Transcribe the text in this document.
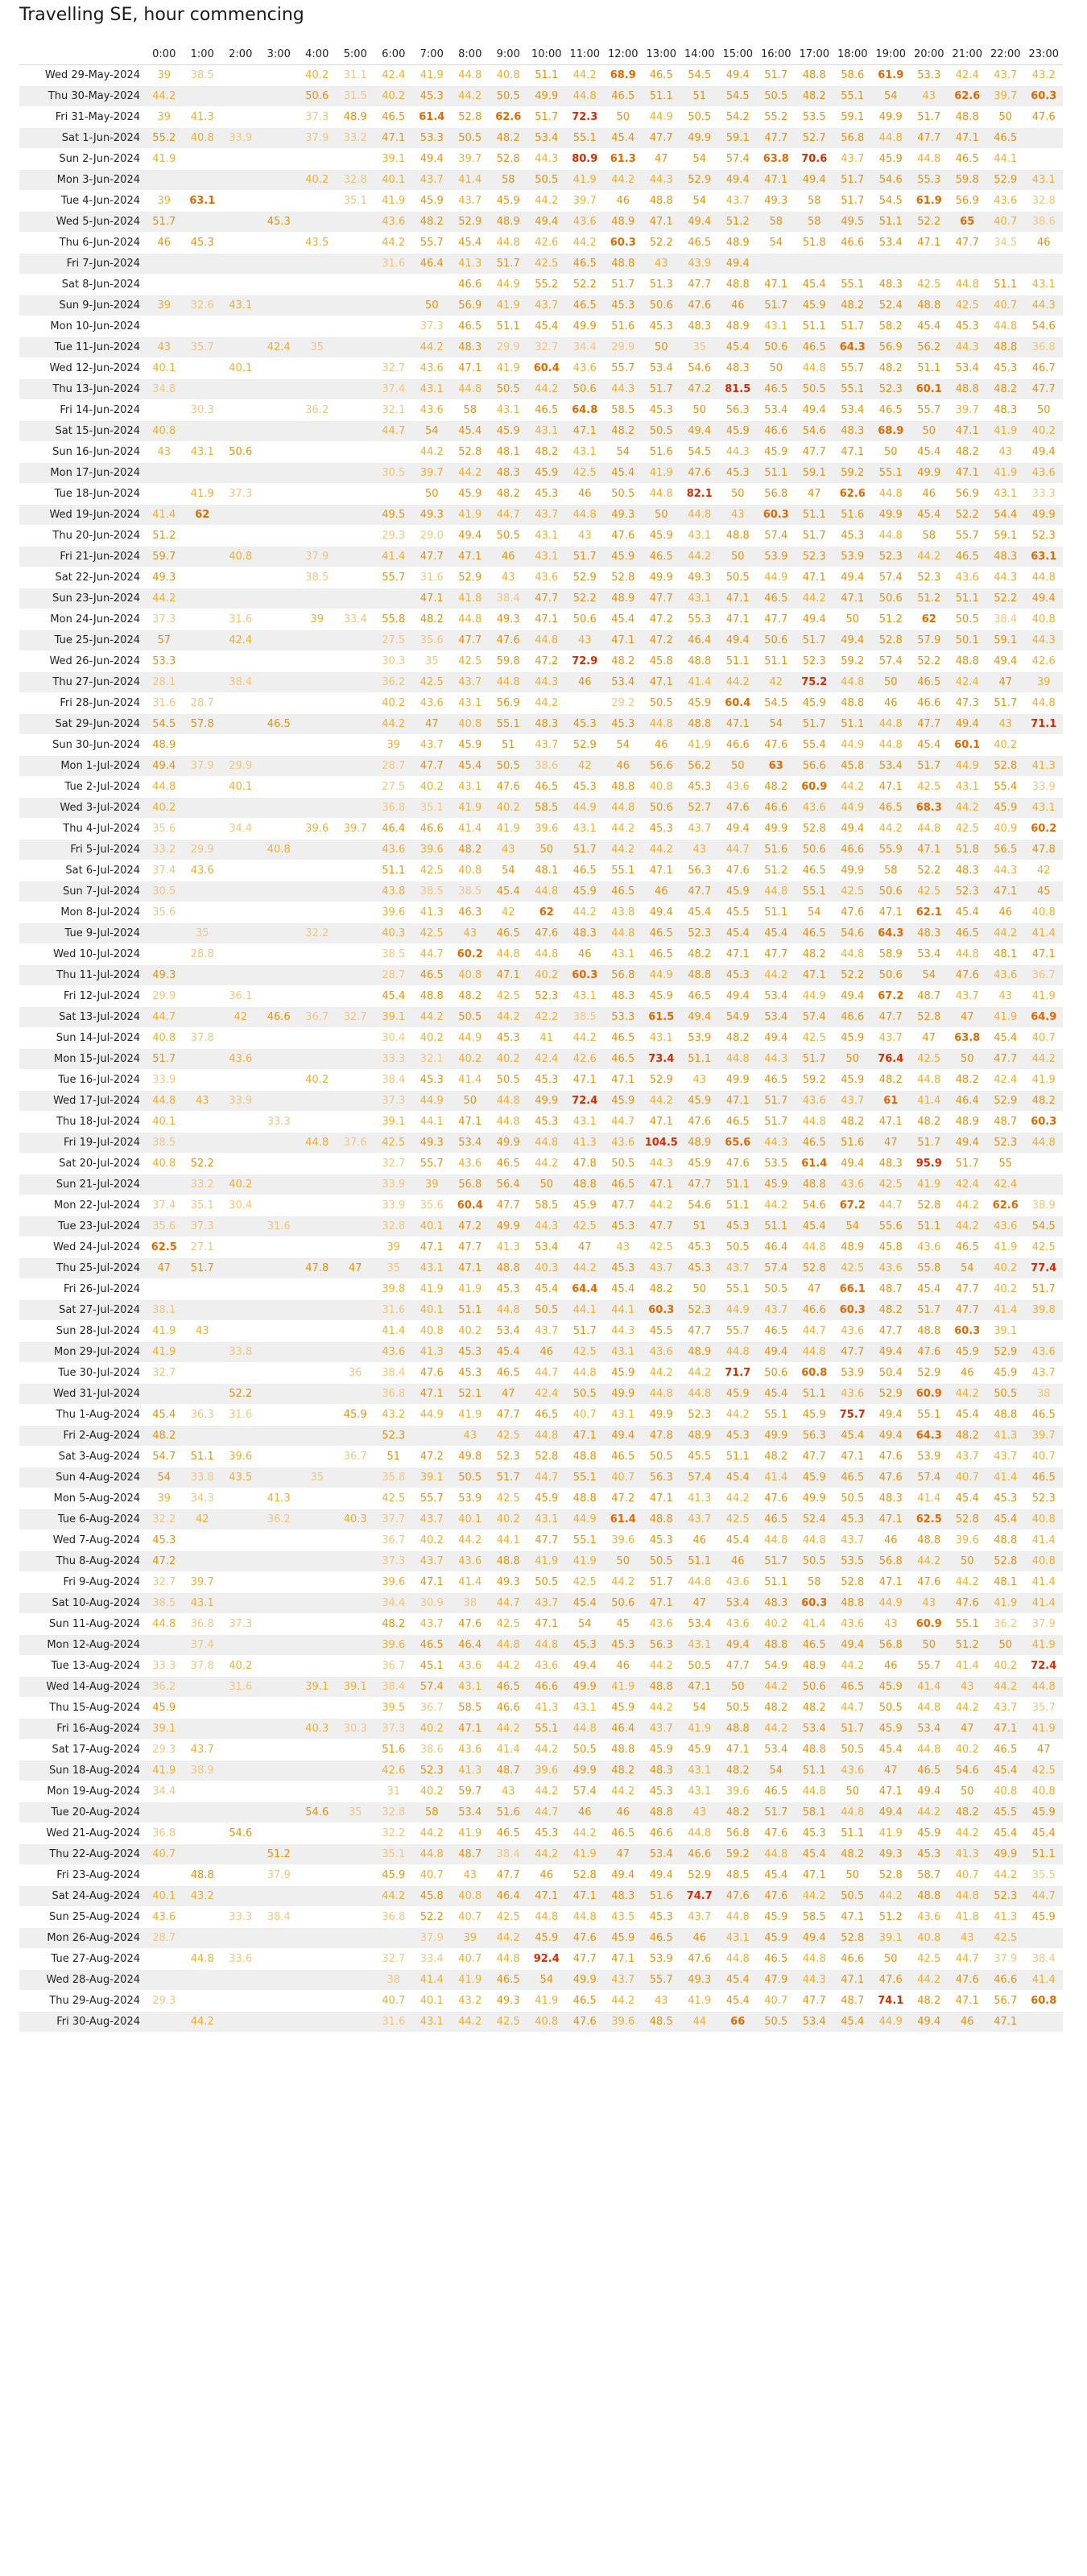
Travelling SE, hour commencing
	0:00	1:00	2:00	3:00	4:00	5:00	6:00	7:00	8:00	9:00	10:00	11:00	12:00	13:00	14:00	15:00	16:00	17:00	18:00	19:00	20:00	21:00	22:00	23:00
Wed 29-May-2024	39	38.5			40.2	31.1	42.4	41.9	44.8	40.8	51.1	44.2	68.9	46.5	54.5	49.4	51.7	48.8	58.6	61.9	53.3	42.4	43.7	43.2
Thu 30-May-2024	44.2				50.6	31.5	40.2	45.3	44.2	50.5	49.9	44.8	46.5	51.1	51	54.5	50.5	48.2	55.1	54	43	62.6	39.7	60.3
Fri 31-May-2024	39	41.3			37.3	48.9	46.5	61.4	52.8	62.6	51.7	72.3	50	44.9	50.5	54.2	55.2	53.5	59.1	49.9	51.7	48.8	50	47.6
Sat 1-Jun-2024	55.2	40.8	33.9		37.9	33.2	47.1	53.3	50.5	48.2	53.4	55.1	45.4	47.7	49.9	59.1	47.7	52.7	56.8	44.8	47.7	47.1	46.5	
Sun 2-Jun-2024	41.9						39.1	49.4	39.7	52.8	44.3	80.9	61.3	47	54	57.4	63.8	70.6	43.7	45.9	44.8	46.5	44.1	
Mon 3-Jun-2024					40.2	32.8	40.1	43.7	41.4	58	50.5	41.9	44.2	44.3	52.9	49.4	47.1	49.4	51.7	54.6	55.3	59.8	52.9	43.1
Tue 4-Jun-2024	39	63.1				35.1	41.9	45.9	43.7	45.9	44.2	39.7	46	48.8	54	43.7	49.3	58	51.7	54.5	61.9	56.9	43.6	32.8
Wed 5-Jun-2024	51.7			45.3			43.6	48.2	52.9	48.9	49.4	43.6	48.9	47.1	49.4	51.2	58	58	49.5	51.1	52.2	65	40.7	38.6
Thu 6-Jun-2024	46	45.3			43.5		44.2	55.7	45.4	44.8	42.6	44.2	60.3	52.2	46.5	48.9	54	51.8	46.6	53.4	47.1	47.7	34.5	46
Fri 7-Jun-2024							31.6	46.4	41.3	51.7	42.5	46.5	48.8	43	43.9	49.4								
Sat 8-Jun-2024									46.6	44.9	55.2	52.2	51.7	51.3	47.7	48.8	47.1	45.4	55.1	48.3	42.5	44.8	51.1	43.1
Sun 9-Jun-2024	39	32.6	43.1					50	56.9	41.9	43.7	46.5	45.3	50.6	47.6	46	51.7	45.9	48.2	52.4	48.8	42.5	40.7	44.3
Mon 10-Jun-2024								37.3	46.5	51.1	45.4	49.9	51.6	45.3	48.3	48.9	43.1	51.1	51.7	58.2	45.4	45.3	44.8	54.6
Tue 11-Jun-2024	43	35.7		42.4	35			44.2	48.3	29.9	32.7	34.4	29.9	50	35	45.4	50.6	46.5	64.3	56.9	56.2	44.3	48.8	36.8
Wed 12-Jun-2024	40.1		40.1				32.7	43.6	47.1	41.9	60.4	43.6	55.7	53.4	54.6	48.3	50	44.8	55.7	48.2	51.1	53.4	45.3	46.7
Thu 13-Jun-2024	34.8						37.4	43.1	44.8	50.5	44.2	50.6	44.3	51.7	47.2	81.5	46.5	50.5	55.1	52.3	60.1	48.8	48.2	47.7
Fri 14-Jun-2024		30.3			36.2		32.1	43.6	58	43.1	46.5	64.8	58.5	45.3	50	56.3	53.4	49.4	53.4	46.5	55.7	39.7	48.3	50
Sat 15-Jun-2024	40.8						44.7	54	45.4	45.9	43.1	47.1	48.2	50.5	49.4	45.9	46.6	54.6	48.3	68.9	50	47.1	41.9	40.2
Sun 16-Jun-2024	43	43.1	50.6					44.2	52.8	48.1	48.2	43.1	54	51.6	54.5	44.3	45.9	47.7	47.1	50	45.4	48.2	43	49.4
Mon 17-Jun-2024							30.5	39.7	44.2	48.3	45.9	42.5	45.4	41.9	47.6	45.3	51.1	59.1	59.2	55.1	49.9	47.1	41.9	43.6
Tue 18-Jun-2024		41.9	37.3					50	45.9	48.2	45.3	46	50.5	44.8	82.1	50	56.8	47	62.6	44.8	46	56.9	43.1	33.3
Wed 19-Jun-2024	41.4	62					49.5	49.3	41.9	44.7	43.7	44.8	49.3	50	44.8	43	60.3	51.1	51.6	49.9	45.4	52.2	54.4	49.9
Thu 20-Jun-2024	51.2						29.3	29.0	49.4	50.5	43.1	43	47.6	45.9	43.1	48.8	57.4	51.7	45.3	44.8	58	55.7	59.1	52.3
Fri 21-Jun-2024	59.7		40.8		37.9		41.4	47.7	47.1	46	43.1	51.7	45.9	46.5	44.2	50	53.9	52.3	53.9	52.3	44.2	46.5	48.3	63.1
Sat 22-Jun-2024	49.3				38.5		55.7	31.6	52.9	43	43.6	52.9	52.8	49.9	49.3	50.5	44.9	47.1	49.4	57.4	52.3	43.6	44.3	44.8
Sun 23-Jun-2024	44.2							47.1	41.8	38.4	47.7	52.2	48.9	47.7	43.1	47.1	46.5	44.2	47.1	50.6	51.2	51.1	52.2	49.4
Mon 24-Jun-2024	37.3		31.6		39	33.4	55.8	48.2	44.8	49.3	47.1	50.6	45.4	47.2	55.3	47.1	47.7	49.4	50	51.2	62	50.5	38.4	40.8
Tue 25-Jun-2024	57		42.4				27.5	35.6	47.7	47.6	44.8	43	47.1	47.2	46.4	49.4	50.6	51.7	49.4	52.8	57.9	50.1	59.1	44.3
Wed 26-Jun-2024	53.3						30.3	35	42.5	59.8	47.2	72.9	48.2	45.8	48.8	51.1	51.1	52.3	59.2	57.4	52.2	48.8	49.4	42.6
Thu 27-Jun-2024	28.1		38.4				36.2	42.5	43.7	44.8	44.3	46	53.4	47.1	41.4	44.2	42	75.2	44.8	50	46.5	42.4	47	39
Fri 28-Jun-2024	31.6	28.7					40.2	43.6	43.1	56.9	44.2		29.2	50.5	45.9	60.4	54.5	45.9	48.8	46	46.6	47.3	51.7	44.8
Sat 29-Jun-2024	54.5	57.8		46.5			44.2	47	40.8	55.1	48.3	45.3	45.3	44.8	48.8	47.1	54	51.7	51.1	44.8	47.7	49.4	43	71.1
Sun 30-Jun-2024	48.9						39	43.7	45.9	51	43.7	52.9	54	46	41.9	46.6	47.6	55.4	44.9	44.8	45.4	60.1	40.2	
Mon 1-Jul-2024	49.4	37.9	29.9				28.7	47.7	45.4	50.5	38.6	42	46	56.6	56.2	50	63	56.6	45.8	53.4	51.7	44.9	52.8	41.3
Tue 2-Jul-2024	44.8		40.1				27.5	40.2	43.1	47.6	46.5	45.3	48.8	40.8	45.3	43.6	48.2	60.9	44.2	47.1	42.5	43.1	55.4	33.9
Wed 3-Jul-2024	40.2						36.8	35.1	41.9	40.2	58.5	44.9	44.8	50.6	52.7	47.6	46.6	43.6	44.9	46.5	68.3	44.2	45.9	43.1
Thu 4-Jul-2024	35.6		34.4		39.6	39.7	46.4	46.6	41.4	41.9	39.6	43.1	44.2	45.3	43.7	49.4	49.9	52.8	49.4	44.2	44.8	42.5	40.9	60.2
Fri 5-Jul-2024	33.2	29.9		40.8			43.6	39.6	48.2	43	50	51.7	44.2	44.2	43	44.7	51.6	50.6	46.6	55.9	47.1	51.8	56.5	47.8
Sat 6-Jul-2024	37.4	43.6					51.1	42.5	40.8	54	48.1	46.5	55.1	47.1	56.3	47.6	51.2	46.5	49.9	58	52.2	48.3	44.3	42
Sun 7-Jul-2024	30.5						43.8	38.5	38.5	45.4	44.8	45.9	46.5	46	47.7	45.9	44.8	55.1	42.5	50.6	42.5	52.3	47.1	45
Mon 8-Jul-2024	35.6						39.6	41.3	46.3	42	62	44.2	43.8	49.4	45.4	45.5	51.1	54	47.6	47.1	62.1	45.4	46	40.8
Tue 9-Jul-2024		35			32.2		40.3	42.5	43	46.5	47.6	48.3	44.8	46.5	52.3	45.4	45.4	46.5	54.6	64.3	48.3	46.5	44.2	41.4
Wed 10-Jul-2024		28.8					38.5	44.7	60.2	44.8	44.8	46	43.1	46.5	48.2	47.1	47.7	48.2	44.8	58.9	53.4	44.8	48.1	47.1
Thu 11-Jul-2024	49.3						28.7	46.5	40.8	47.1	40.2	60.3	56.8	44.9	48.8	45.3	44.2	47.1	52.2	50.6	54	47.6	43.6	36.7
Fri 12-Jul-2024	29.9		36.1				45.4	48.8	48.2	42.5	52.3	43.1	48.3	45.9	46.5	49.4	53.4	44.9	49.4	67.2	48.7	43.7	43	41.9
Sat 13-Jul-2024	44.7		42	46.6	36.7	32.7	39.1	44.2	50.5	44.2	42.2	38.5	53.3	61.5	49.4	54.9	53.4	57.4	46.6	47.7	52.8	47	41.9	64.9
Sun 14-Jul-2024	40.8	37.8					30.4	40.2	44.9	45.3	41	44.2	46.5	43.1	53.9	48.2	49.4	42.5	45.9	43.7	47	63.8	45.4	40.7
Mon 15-Jul-2024	51.7		43.6				33.3	32.1	40.2	40.2	42.4	42.6	46.5	73.4	51.1	44.8	44.3	51.7	50	76.4	42.5	50	47.7	44.2
Tue 16-Jul-2024	33.9				40.2		38.4	45.3	41.4	50.5	45.3	47.1	47.1	52.9	43	49.9	46.5	59.2	45.9	48.2	44.8	48.2	42.4	41.9
Wed 17-Jul-2024	44.8	43	33.9				37.3	44.9	50	44.8	49.9	72.4	45.9	44.2	45.9	47.1	51.7	43.6	43.7	61	41.4	46.4	52.9	48.2
Thu 18-Jul-2024	40.1			33.3			39.1	44.1	47.1	44.8	45.3	43.1	44.7	47.1	47.6	46.5	51.7	44.8	48.2	47.1	48.2	48.9	48.7	60.3
Fri 19-Jul-2024	38.5				44.8	37.6	42.5	49.3	53.4	49.9	44.8	41.3	43.6	104.5	48.9	65.6	44.3	46.5	51.6	47	51.7	49.4	52.3	44.8
Sat 20-Jul-2024	40.8	52.2					32.7	55.7	43.6	46.5	44.2	47.8	50.5	44.3	45.9	47.6	53.5	61.4	49.4	48.3	95.9	51.7	55	
Sun 21-Jul-2024		33.2	40.2				33.9	39	56.8	56.4	50	48.8	46.5	47.1	47.7	51.1	45.9	48.8	43.6	42.5	41.9	42.4	42.4	
Mon 22-Jul-2024	37.4	35.1	30.4				33.9	35.6	60.4	47.7	58.5	45.9	47.7	44.2	54.6	51.1	44.2	54.6	67.2	44.7	52.8	44.2	62.6	38.9
Tue 23-Jul-2024	35.6	37.3		31.6			32.8	40.1	47.2	49.9	44.3	42.5	45.3	47.7	51	45.3	51.1	45.4	54	55.6	51.1	44.2	43.6	54.5
Wed 24-Jul-2024	62.5	27.1					39	47.1	47.7	41.3	53.4	47	43	42.5	45.3	50.5	46.4	44.8	48.9	45.8	43.6	46.5	41.9	42.5
Thu 25-Jul-2024	47	51.7			47.8	47	35	43.1	47.1	48.8	40.3	44.2	45.3	43.7	45.3	43.7	57.4	52.8	42.5	43.6	55.8	54	40.2	77.4
Fri 26-Jul-2024							39.8	41.9	41.9	45.3	45.4	64.4	45.4	48.2	50	55.1	50.5	47	66.1	48.7	45.4	47.7	40.2	51.7
Sat 27-Jul-2024	38.1						31.6	40.1	51.1	44.8	50.5	44.1	44.1	60.3	52.3	44.9	43.7	46.6	60.3	48.2	51.7	47.7	41.4	39.8
Sun 28-Jul-2024	41.9	43					41.4	40.8	40.2	53.4	43.7	51.7	44.3	45.5	47.7	55.7	46.5	44.7	43.6	47.7	48.8	60.3	39.1	
Mon 29-Jul-2024	41.9		33.8				43.6	41.3	45.3	45.4	46	42.5	43.1	43.6	48.9	44.8	49.4	44.8	47.7	49.4	47.6	45.9	52.9	43.6
Tue 30-Jul-2024	32.7					36	38.4	47.6	45.3	46.5	44.7	44.8	45.9	44.2	44.2	71.7	50.6	60.8	53.9	50.4	52.9	46	45.9	43.7
Wed 31-Jul-2024			52.2				36.8	47.1	52.1	47	42.4	50.5	49.9	44.8	44.8	45.9	45.4	51.1	43.6	52.9	60.9	44.2	50.5	38
Thu 1-Aug-2024	45.4	36.3	31.6			45.9	43.2	44.9	41.9	47.7	46.5	40.7	43.1	49.9	52.3	44.2	55.1	45.9	75.7	49.4	55.1	45.4	48.8	46.5
Fri 2-Aug-2024	48.2						52.3		43	42.5	44.8	47.1	49.4	47.8	48.9	45.3	49.9	56.3	45.4	49.4	64.3	48.2	41.3	39.7
Sat 3-Aug-2024	54.7	51.1	39.6			36.7	51	47.2	49.8	52.3	52.8	48.8	46.5	50.5	45.5	51.1	48.2	47.7	47.1	47.6	53.9	43.7	43.7	40.7
Sun 4-Aug-2024	54	33.8	43.5		35		35.8	39.1	50.5	51.7	44.7	55.1	40.7	56.3	57.4	45.4	41.4	45.9	46.5	47.6	57.4	40.7	41.4	46.5
Mon 5-Aug-2024	39	34.3		41.3			42.5	55.7	53.9	42.5	45.9	48.8	47.2	47.1	41.3	44.2	47.6	49.9	50.5	48.3	41.4	45.4	45.3	52.3
Tue 6-Aug-2024	32.2	42		36.2		40.3	37.7	43.7	40.1	40.2	43.1	44.9	61.4	48.8	43.7	42.5	46.5	52.4	45.3	47.1	62.5	52.8	45.4	40.8
Wed 7-Aug-2024	45.3						36.7	40.2	44.2	44.1	47.7	55.1	39.6	45.3	46	45.4	44.8	44.8	43.7	46	48.8	39.6	48.8	41.4
Thu 8-Aug-2024	47.2						37.3	43.7	43.6	48.8	41.9	41.9	50	50.5	51.1	46	51.7	50.5	53.5	56.8	44.2	50	52.8	40.8
Fri 9-Aug-2024	32.7	39.7					39.6	47.1	41.4	49.3	50.5	42.5	44.2	51.7	44.8	43.6	51.1	58	52.8	47.1	47.6	44.2	48.1	41.4
Sat 10-Aug-2024	38.5	43.1					34.4	30.9	38	44.7	43.7	45.4	50.6	47.1	47	53.4	48.3	60.3	48.8	44.9	43	47.6	41.9	41.4
Sun 11-Aug-2024	44.8	36.8	37.3				48.2	43.7	47.6	42.5	47.1	54	45	43.6	53.4	43.6	40.2	41.4	43.6	43	60.9	55.1	36.2	37.9
Mon 12-Aug-2024		37.4					39.6	46.5	46.4	44.8	44.8	45.3	45.3	56.3	43.1	49.4	48.8	46.5	49.4	56.8	50	51.2	50	41.9
Tue 13-Aug-2024	33.3	37.8	40.2				36.7	45.1	43.6	44.2	43.6	49.4	46	44.2	50.5	47.7	54.9	48.9	44.2	46	55.7	41.4	40.2	72.4
Wed 14-Aug-2024	36.2		31.6		39.1	39.1	38.4	57.4	43.1	46.5	46.6	49.9	41.9	48.8	47.1	50	44.2	50.6	46.5	45.9	41.4	43	44.2	44.8
Thu 15-Aug-2024	45.9						39.5	36.7	58.5	46.6	41.3	43.1	45.9	44.2	54	50.5	48.2	48.2	44.7	50.5	44.8	44.2	43.7	35.7
Fri 16-Aug-2024	39.1				40.3	30.3	37.3	40.2	47.1	44.2	55.1	44.8	46.4	43.7	41.9	48.8	44.2	53.4	51.7	45.9	53.4	47	47.1	41.9
Sat 17-Aug-2024	29.3	43.7					51.6	38.6	43.6	41.4	44.2	50.5	48.8	45.9	45.9	47.1	53.4	48.8	50.5	45.4	44.8	40.2	46.5	47
Sun 18-Aug-2024	41.9	38.9					42.6	52.3	41.3	48.7	39.6	49.9	48.2	48.3	43.1	48.2	54	51.1	43.6	47	46.5	54.6	45.4	42.5
Mon 19-Aug-2024	34.4						31	40.2	59.7	43	44.2	57.4	44.2	45.3	43.1	39.6	46.5	44.8	50	47.1	49.4	50	40.8	40.8
Tue 20-Aug-2024					54.6	35	32.8	58	53.4	51.6	44.7	46	46	48.8	43	48.2	51.7	58.1	44.8	49.4	44.2	48.2	45.5	45.9
Wed 21-Aug-2024	36.8		54.6				32.2	44.2	41.9	46.5	45.3	44.2	46.5	46.6	44.8	56.8	47.6	45.3	51.1	41.9	45.9	44.2	45.4	45.4
Thu 22-Aug-2024	40.7			51.2			35.1	44.8	48.7	38.4	44.2	41.9	47	53.4	46.6	59.2	44.8	45.4	48.2	49.3	45.3	41.3	49.9	51.1
Fri 23-Aug-2024		48.8		37.9			45.9	40.7	43	47.7	46	52.8	49.4	49.4	52.9	48.5	45.4	47.1	50	52.8	58.7	40.7	44.2	35.5
Sat 24-Aug-2024	40.1	43.2					44.2	45.8	40.8	46.4	47.1	47.1	48.3	51.6	74.7	47.6	47.6	44.2	50.5	44.2	48.8	44.8	52.3	44.7
Sun 25-Aug-2024	43.6		33.3	38.4			36.8	52.2	40.7	42.5	44.8	44.8	43.5	45.3	43.7	44.8	45.9	58.5	47.1	51.2	43.6	41.8	41.3	45.9
Mon 26-Aug-2024	28.7							37.9	39	44.2	45.9	47.6	45.9	46.5	46	43.1	45.9	49.4	52.8	39.1	40.8	43	42.5	
Tue 27-Aug-2024		44.8	33.6				32.7	33.4	40.7	44.8	92.4	47.7	47.1	53.9	47.6	44.8	46.5	44.8	46.6	50	42.5	44.7	37.9	38.4
Wed 28-Aug-2024							38	41.4	41.9	46.5	54	49.9	43.7	55.7	49.3	45.4	47.9	44.3	47.1	47.6	44.2	47.6	46.6	41.4
Thu 29-Aug-2024	29.3						40.7	40.1	43.2	49.3	41.9	46.5	44.2	43	41.9	45.4	40.7	47.7	48.7	74.1	48.2	47.1	56.7	60.8
Fri 30-Aug-2024		44.2					31.6	43.1	44.2	42.5	40.8	47.6	39.6	48.5	44	66	50.5	53.4	45.4	44.9	49.4	46	47.1	
